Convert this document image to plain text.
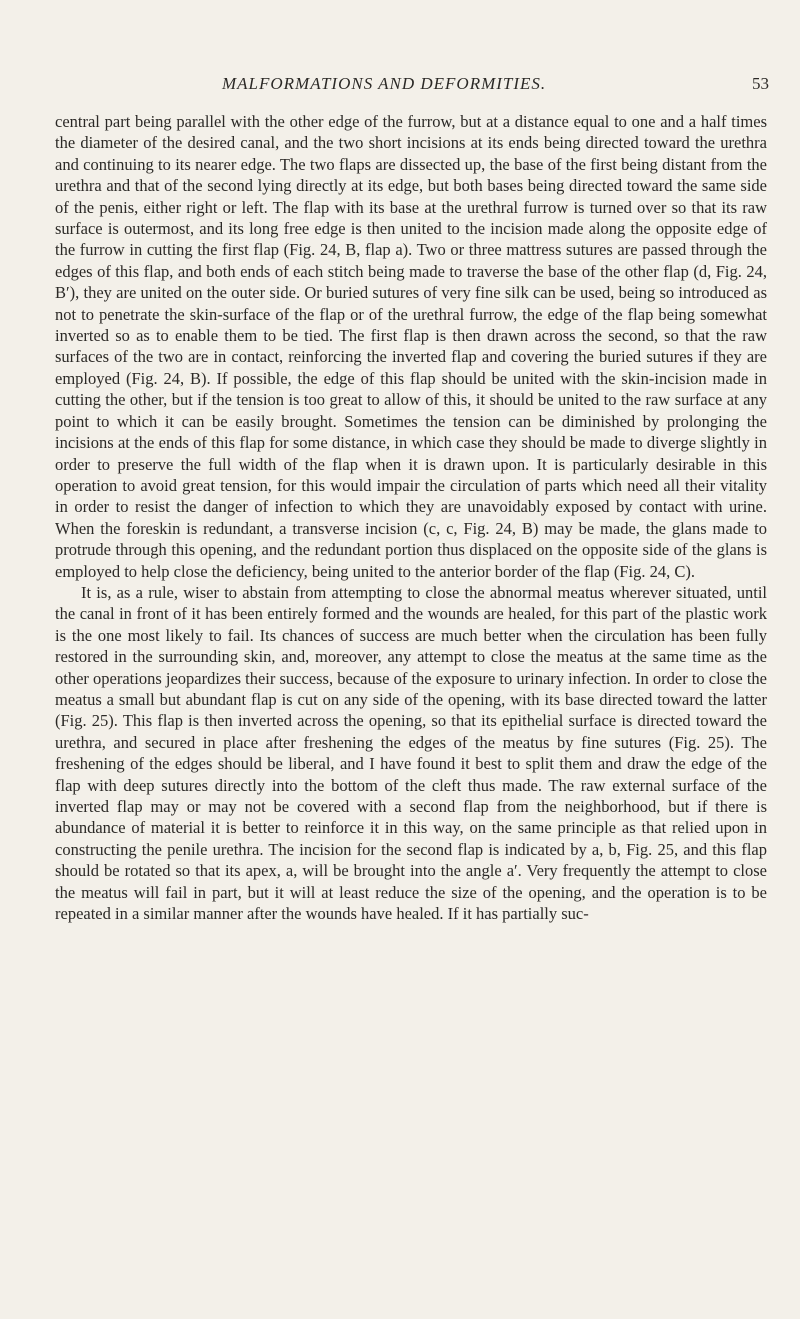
MALFORMATIONS AND DEFORMITIES.	53

central part being parallel with the other edge of the furrow, but at a distance equal to one and a half times the diameter of the desired canal, and the two short incisions at its ends being directed toward the urethra and continuing to its nearer edge. The two flaps are dissected up, the base of the first being distant from the urethra and that of the second lying directly at its edge, but both bases being directed toward the same side of the penis, either right or left. The flap with its base at the urethral furrow is turned over so that its raw surface is outermost, and its long free edge is then united to the incision made along the opposite edge of the furrow in cutting the first flap (Fig. 24, B, flap a). Two or three mattress sutures are passed through the edges of this flap, and both ends of each stitch being made to traverse the base of the other flap (d, Fig. 24, B′), they are united on the outer side. Or buried sutures of very fine silk can be used, being so introduced as not to penetrate the skin-surface of the flap or of the urethral furrow, the edge of the flap being somewhat inverted so as to enable them to be tied. The first flap is then drawn across the second, so that the raw surfaces of the two are in contact, reinforcing the inverted flap and covering the buried sutures if they are employed (Fig. 24, B). If possible, the edge of this flap should be united with the skin-incision made in cutting the other, but if the tension is too great to allow of this, it should be united to the raw surface at any point to which it can be easily brought. Sometimes the tension can be diminished by prolonging the incisions at the ends of this flap for some distance, in which case they should be made to diverge slightly in order to preserve the full width of the flap when it is drawn upon. It is particularly desirable in this operation to avoid great tension, for this would impair the circulation of parts which need all their vitality in order to resist the danger of infection to which they are unavoidably exposed by contact with urine. When the foreskin is redundant, a transverse incision (c, c, Fig. 24, B) may be made, the glans made to protrude through this opening, and the redundant portion thus displaced on the opposite side of the glans is employed to help close the deficiency, being united to the anterior border of the flap (Fig. 24, C).

It is, as a rule, wiser to abstain from attempting to close the abnormal meatus wherever situated, until the canal in front of it has been entirely formed and the wounds are healed, for this part of the plastic work is the one most likely to fail. Its chances of success are much better when the circulation has been fully restored in the surrounding skin, and, moreover, any attempt to close the meatus at the same time as the other operations jeopardizes their success, because of the exposure to urinary infection. In order to close the meatus a small but abundant flap is cut on any side of the opening, with its base directed toward the latter (Fig. 25). This flap is then inverted across the opening, so that its epithelial surface is directed toward the urethra, and secured in place after freshening the edges of the meatus by fine sutures (Fig. 25). The freshening of the edges should be liberal, and I have found it best to split them and draw the edge of the flap with deep sutures directly into the bottom of the cleft thus made. The raw external surface of the inverted flap may or may not be covered with a second flap from the neighborhood, but if there is abundance of material it is better to reinforce it in this way, on the same principle as that relied upon in constructing the penile urethra. The incision for the second flap is indicated by a, b, Fig. 25, and this flap should be rotated so that its apex, a, will be brought into the angle a′. Very frequently the attempt to close the meatus will fail in part, but it will at least reduce the size of the opening, and the operation is to be repeated in a similar manner after the wounds have healed. If it has partially suc-
